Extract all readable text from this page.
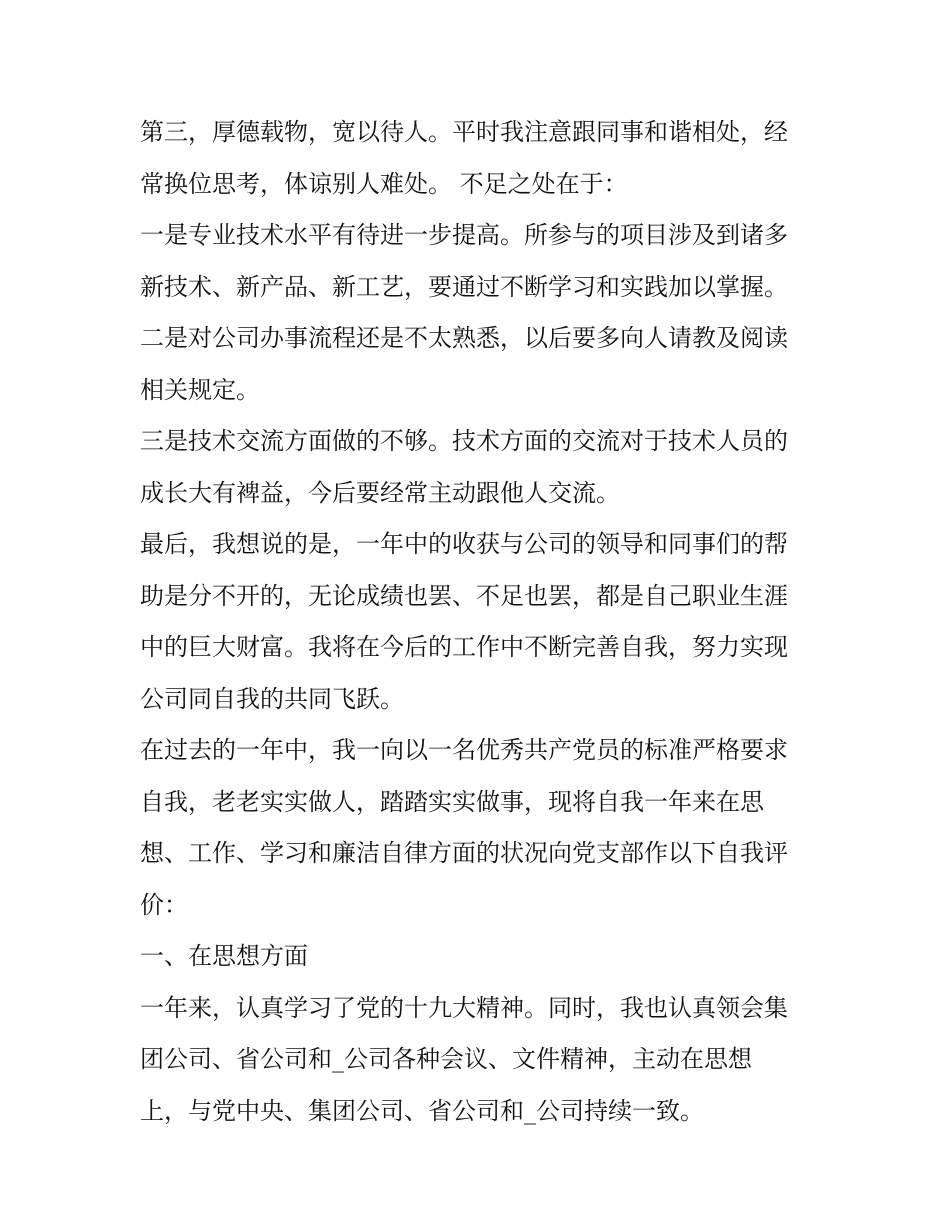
第三，厚德载物，宽以待人。平时我注意跟同事和谐相处，经
常换位思考，体谅别人难处。 不足之处在于：
一是专业技术水平有待进一步提高。所参与的项目涉及到诸多
新技术、新产品、新工艺，要通过不断学习和实践加以掌握。
二是对公司办事流程还是不太熟悉，以后要多向人请教及阅读
相关规定。
三是技术交流方面做的不够。技术方面的交流对于技术人员的
成长大有裨益，今后要经常主动跟他人交流。
最后，我想说的是，一年中的收获与公司的领导和同事们的帮
助是分不开的，无论成绩也罢、不足也罢，都是自己职业生涯
中的巨大财富。我将在今后的工作中不断完善自我，努力实现
公司同自我的共同飞跃。
在过去的一年中，我一向以一名优秀共产党员的标准严格要求
自我，老老实实做人，踏踏实实做事，现将自我一年来在思
想、工作、学习和廉洁自律方面的状况向党支部作以下自我评
价：
一、在思想方面
一年来，认真学习了党的十九大精神。同时，我也认真领会集
团公司、省公司和_公司各种会议、文件精神，主动在思想
上，与党中央、集团公司、省公司和_公司持续一致。
